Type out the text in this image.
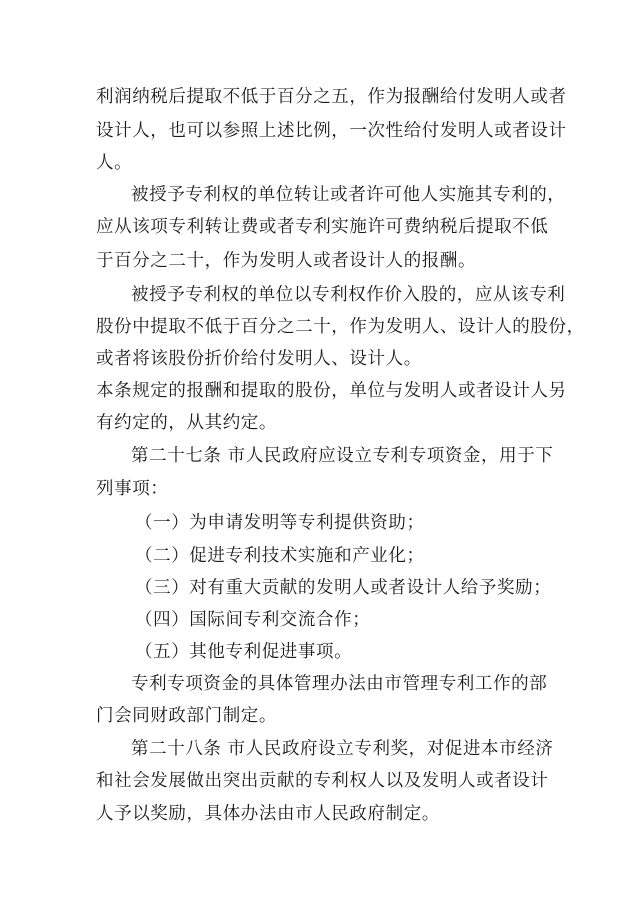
利润纳税后提取不低于百分之五，作为报酬给付发明人或者
设计人，也可以参照上述比例，一次性给付发明人或者设计
人。
被授予专利权的单位转让或者许可他人实施其专利的，
应从该项专利转让费或者专利实施许可费纳税后提取不低
于百分之二十，作为发明人或者设计人的报酬。
被授予专利权的单位以专利权作价入股的，应从该专利
股份中提取不低于百分之二十，作为发明人、设计人的股份，
或者将该股份折价给付发明人、设计人。
本条规定的报酬和提取的股份，单位与发明人或者设计人另
有约定的，从其约定。
第二十七条 市人民政府应设立专利专项资金，用于下
列事项：
（一）为申请发明等专利提供资助；
（二）促进专利技术实施和产业化；
（三）对有重大贡献的发明人或者设计人给予奖励；
（四）国际间专利交流合作；
（五）其他专利促进事项。
专利专项资金的具体管理办法由市管理专利工作的部
门会同财政部门制定。
第二十八条 市人民政府设立专利奖，对促进本市经济
和社会发展做出突出贡献的专利权人以及发明人或者设计
人予以奖励，具体办法由市人民政府制定。
